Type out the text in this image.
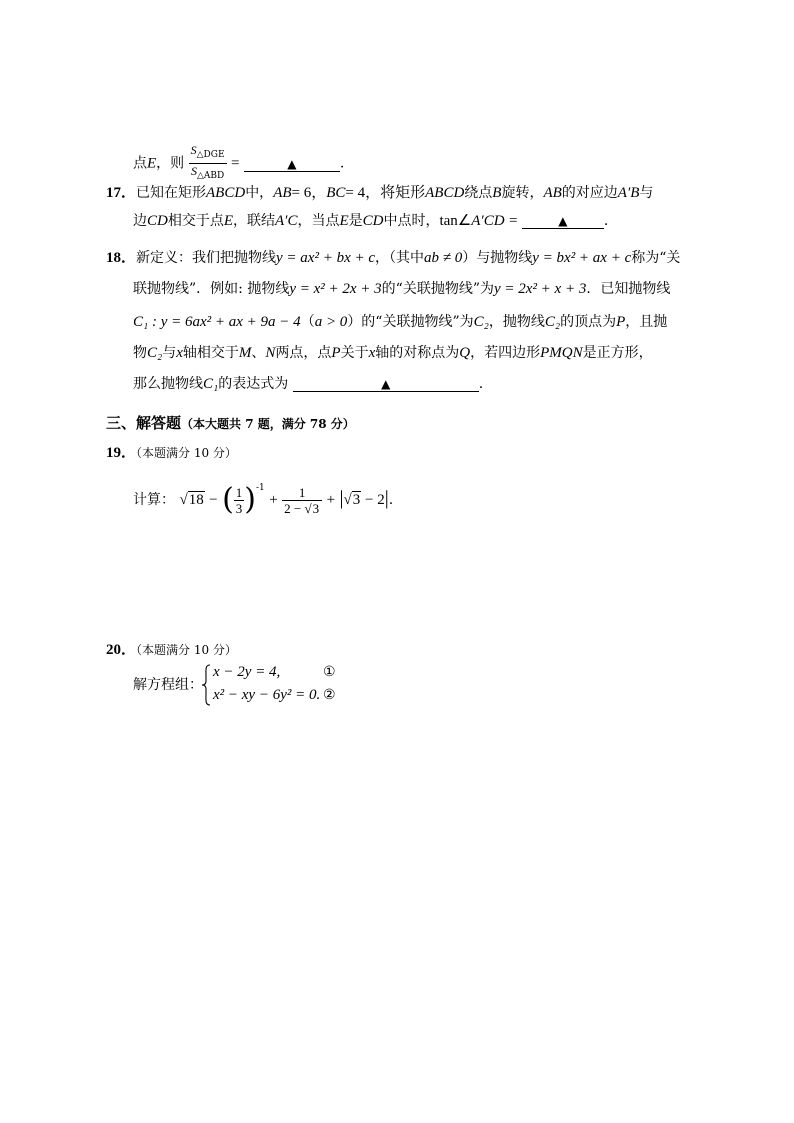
点E，则 $\frac{S_{\triangle DGE}}{S_{\triangle ABD}}$ =	▲	.
17．已知在矩形ABCD中，AB= 6，BC= 4，将矩形ABCD绕点B旋转，AB的对应边A′B与
边CD相交于点E，联结A′C，当点E是CD中点时，tan∠A′CD =	▲	.
18．新定义：我们把抛物线y = ax² + bx + c，（其中ab ≠ 0）与抛物线y = bx² + ax + c称为“关
联抛物线”．例如: 抛物线y = x² + 2x + 3的“关联抛物线”为y = 2x² + x + 3．已知抛物线
C₁ : y = 6ax² + ax + 9a − 4（a > 0）的“关联抛物线”为C₂，抛物线C₂的顶点为P，且抛
物C₂与x轴相交于M、N两点，点P关于x轴的对称点为Q，若四边形PMQN是正方形，
那么抛物线C₁的表达式为	▲	.
三、解答题（本大题共 7 题，满分 78 分）
19．（本题满分 10 分）
计算： √18 − ( $\frac{1}{3} )^{-1} + \frac{1}{2 - √3} + |√3 - 2|$.
20．（本题满分 10 分）
解方程组：
x − 2y = 4,
x² − xy − 6y² = 0.
①
②
